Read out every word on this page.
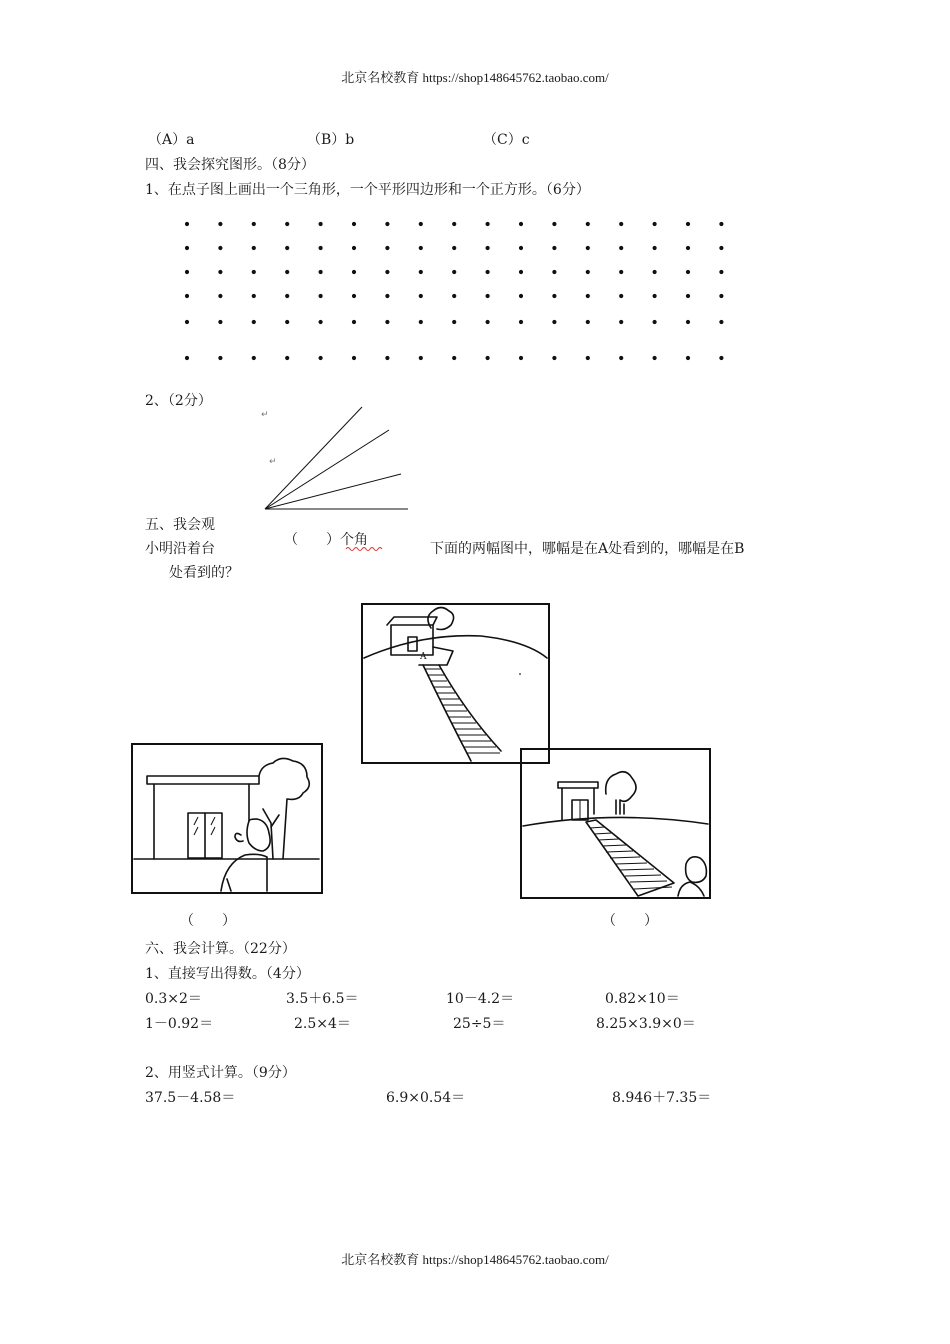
北京名校教育 https://shop148645762.taobao.com/
（A）a	（B）b	（C）c
四、我会探究图形。（8分）
1、在点子图上画出一个三角形，一个平形四边形和一个正方形。（6分）
2、（2分）
↵
↵
五、我会观
小明沿着台
（　　）个角
下面的两幅图中，哪幅是在A处看到的，哪幅是在B
处看到的？
A
（　　）	（　　）
六、我会计算。（22分）
1、直接写出得数。（4分）
0.3×2＝	3.5＋6.5＝	10－4.2＝	0.82×10＝
1－0.92＝	2.5×4＝	25÷5＝	8.25×3.9×0＝
2、用竖式计算。（9分）
37.5－4.58＝	6.9×0.54＝	8.946＋7.35＝
北京名校教育 https://shop148645762.taobao.com/
